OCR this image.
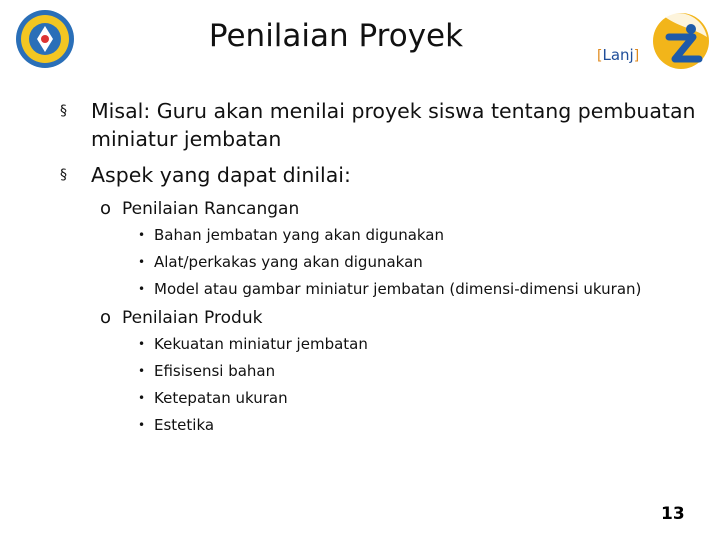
Penilaian Proyek
[Lanj]
§ Misal: Guru akan menilai proyek siswa tentang pembuatan miniatur jembatan
§ Aspek yang dapat dinilai:
o Penilaian Rancangan
• Bahan jembatan yang akan digunakan
• Alat/perkakas yang akan digunakan
• Model atau gambar miniatur jembatan (dimensi-dimensi ukuran)
o Penilaian Produk
• Kekuatan miniatur jembatan
• Efisisensi bahan
• Ketepatan ukuran
• Estetika
13
